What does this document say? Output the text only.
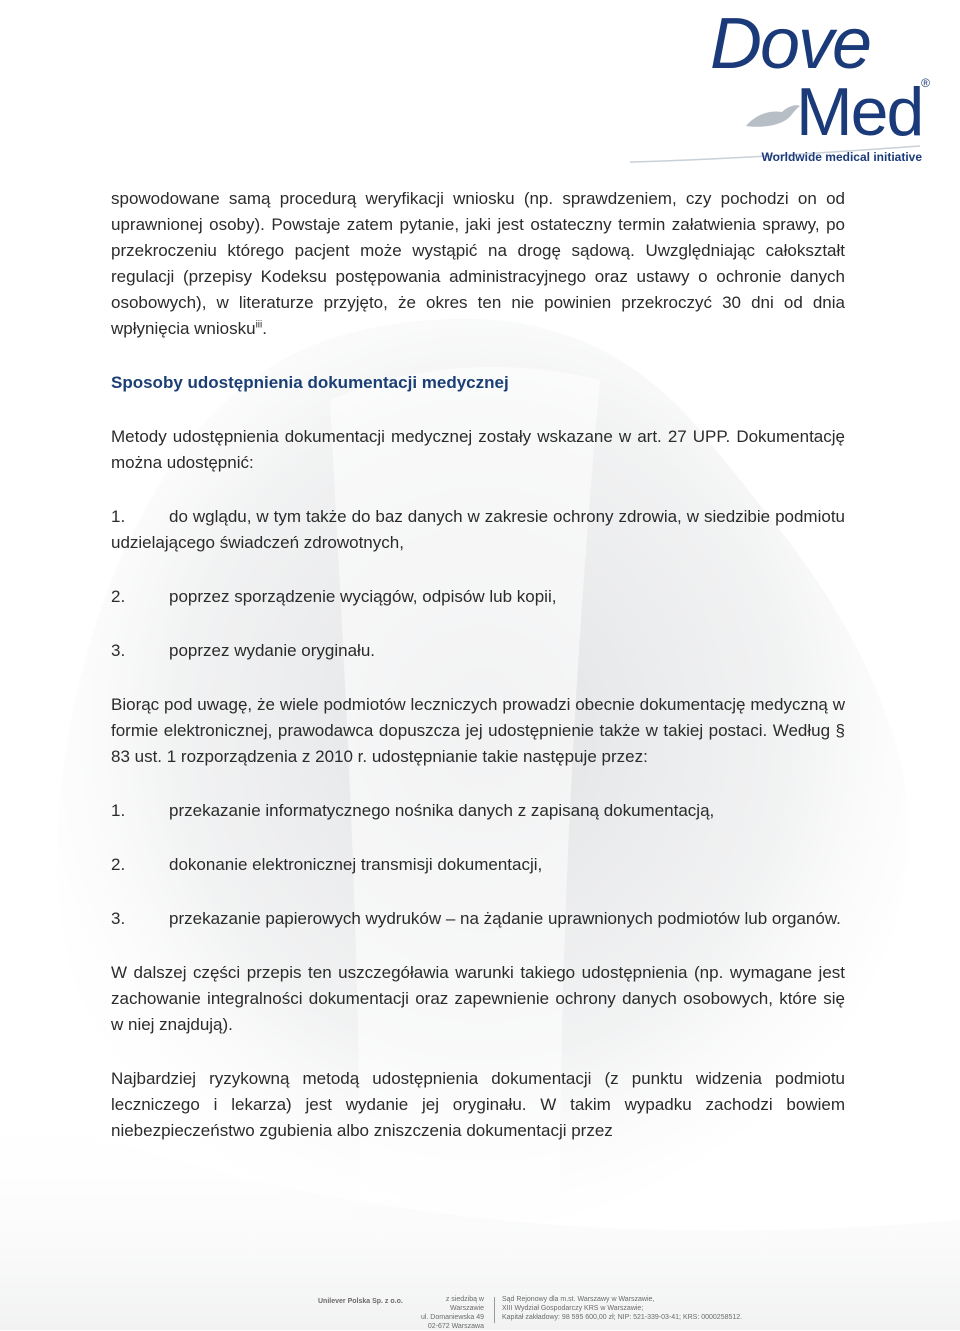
Dove
Med
®
Worldwide medical initiative

spowodowane samą procedurą weryfikacji wniosku (np. sprawdzeniem, czy pochodzi on od uprawnionej osoby). Powstaje zatem pytanie, jaki jest ostateczny termin załatwienia sprawy, po przekroczeniu którego pacjent może wystąpić na drogę sądową. Uwzględniając całokształt regulacji (przepisy Kodeksu postępowania administracyjnego oraz ustawy o ochronie danych osobowych), w literaturze przyjęto, że okres ten nie powinien przekroczyć 30 dni od dnia wpłynięcia wniosku$^{iii}$.

Sposoby udostępnienia dokumentacji medycznej

Metody udostępnienia dokumentacji medycznej zostały wskazane w art. 27 UPP. Dokumentację można udostępnić:

1.	do wglądu, w tym także do baz danych w zakresie ochrony zdrowia, w siedzibie podmiotu udzielającego świadczeń zdrowotnych,
2.	poprzez sporządzenie wyciągów, odpisów lub kopii,
3.	poprzez wydanie oryginału.

Biorąc pod uwagę, że wiele podmiotów leczniczych prowadzi obecnie dokumentację medyczną w formie elektronicznej, prawodawca dopuszcza jej udostępnienie także w takiej postaci. Według § 83 ust. 1 rozporządzenia z 2010 r. udostępnianie takie następuje przez:

1.	przekazanie informatycznego nośnika danych z zapisaną dokumentacją,
2.	dokonanie elektronicznej transmisji dokumentacji,
3.	przekazanie papierowych wydruków – na żądanie uprawnionych podmiotów lub organów.

W dalszej części przepis ten uszczegóławia warunki takiego udostępnienia (np. wymagane jest zachowanie integralności dokumentacji oraz zapewnienie ochrony danych osobowych, które się w niej znajdują).

Najbardziej ryzykowną metodą udostępnienia dokumentacji (z punktu widzenia podmiotu leczniczego i lekarza) jest wydanie jej oryginału. W takim wypadku zachodzi bowiem niebezpieczeństwo zgubienia albo zniszczenia dokumentacji przez

Unilever Polska Sp. z o.o.	z siedzibą w Warszawie
ul. Domaniewska 49
02-672 Warszawa
Sąd Rejonowy dla m.st. Warszawy w Warszawie,
XIII Wydział Gospodarczy KRS w Warszawie;
Kapitał zakładowy: 98 595 600,00 zł; NIP: 521-339-03-41; KRS: 0000258512.
